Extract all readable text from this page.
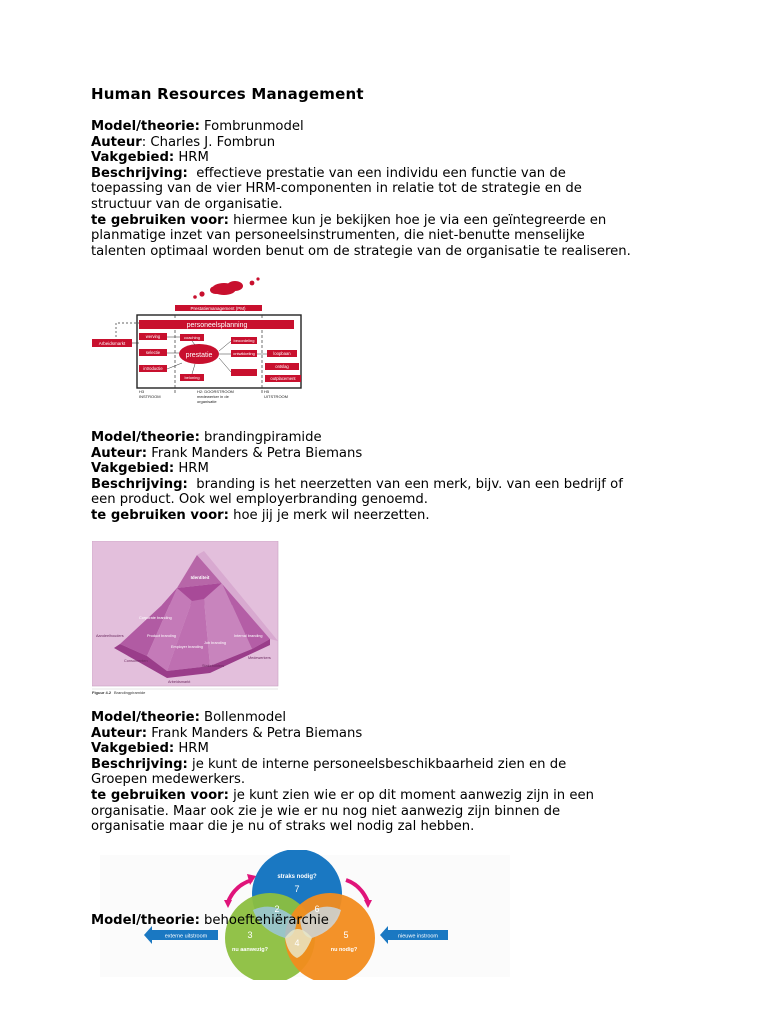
Human Resources Management
Model/theorie: Fombrunmodel
Auteur: Charles J. Fombrun
Vakgebied: HRM
Beschrijving: effectieve prestatie van een individu een functie van de
toepassing van de vier HRM-componenten in relatie tot de strategie en de
structuur van de organisatie.
te gebruiken voor: hiermee kun je bekijken hoe je via een geïntegreerde en
planmatige inzet van personeelsinstrumenten, die niet-benutte menselijke
talenten optimaal worden benut om de strategie van de organisatie te realiseren.
Prestatiemanagement (PM)
personeelsplanning
Arbeidsmarkt
werving
selectie
introductie
prestatie
coaching
beloning
beoordeling
ontwikkeling	loopbaan
ontslag
outplacement
H3
INSTROOM
H2: DOORSTROOM
medewerker in de
organisatie
H5
UITSTROOM
Model/theorie: brandingpiramide
Auteur: Frank Manders & Petra Biemans
Vakgebied: HRM
Beschrijving: branding is het neerzetten van een merk, bijv. van een bedrijf of
een product. Ook wel employerbranding genoemd.
te gebruiken voor: hoe jij je merk wil neerzetten.
Identiteit
Corporate branding
Product branding
Employer branding
Job branding
Internal branding
Aandeelhouders
Consumenten
Arbeidsmarkt
Stakeholders
Medewerkers
Figuur 4.2 Brandingpiramide
Model/theorie: Bollenmodel
Auteur: Frank Manders & Petra Biemans
Vakgebied: HRM
Beschrijving: je kunt de interne personeelsbeschikbaarheid zien en de
Groepen medewerkers.
te gebruiken voor: je kunt zien wie er op dit moment aanwezig zijn in een
organisatie. Maar ook zie je wie er nu nog niet aanwezig zijn binnen de
organisatie maar die je nu of straks wel nodig zal hebben.
straks nodig?
7
2	6
3
4
5
nu aanwezig?	nu nodig?
externe uitstroom	nieuwe instroom
Model/theorie: behoeftehiërarchie
